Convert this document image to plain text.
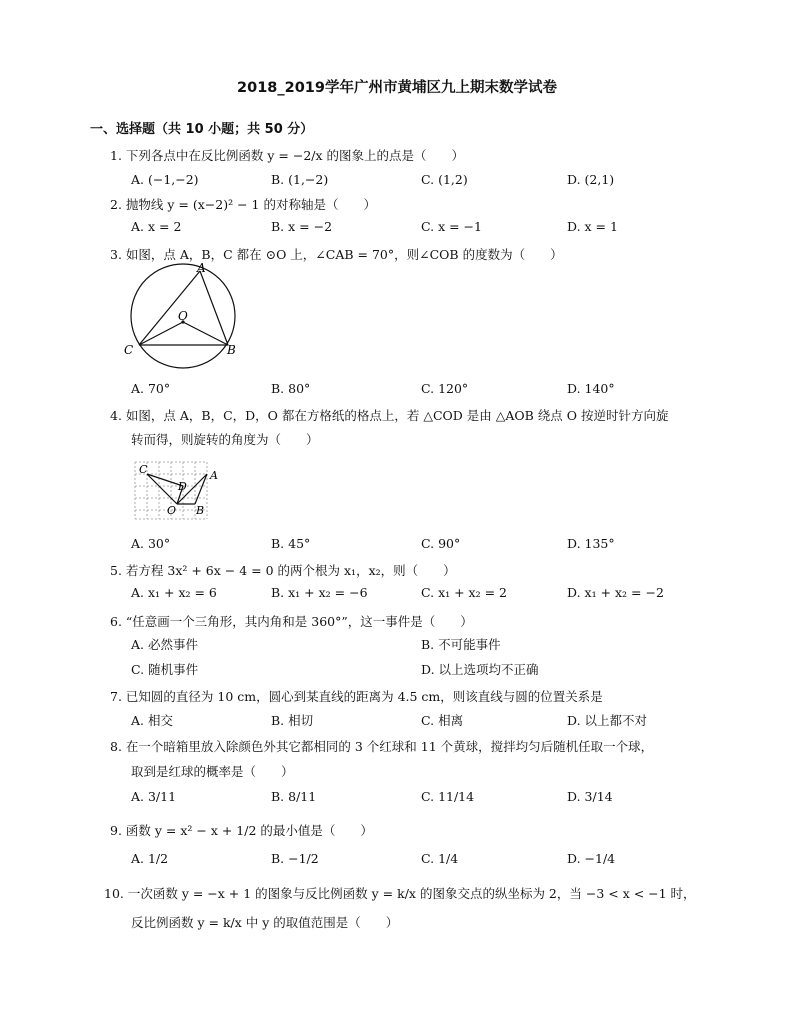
2018_2019学年广州市黄埔区九上期末数学试卷
一、选择题（共 10 小题；共 50 分）
1. 下列各点中在反比例函数 y = −2/x 的图象上的点是（　　）
A. (−1,−2)	B. (1,−2)	C. (1,2)	D. (2,1)
2. 抛物线 y = (x−2)² − 1 的对称轴是（　　）
A. x = 2	B. x = −2	C. x = −1	D. x = 1
3. 如图，点 A，B，C 都在 ⊙O 上，∠CAB = 70°，则∠COB 的度数为（　　）
A
O
C	B
A. 70°	B. 80°	C. 120°	D. 140°
4. 如图，点 A，B，C，D，O 都在方格纸的格点上，若 △COD 是由 △AOB 绕点 O 按逆时针方向旋
转而得，则旋转的角度为（　　）
C
D
A
O B
A. 30°	B. 45°	C. 90°	D. 135°
5. 若方程 3x² + 6x − 4 = 0 的两个根为 x₁，x₂，则（　　）
A. x₁ + x₂ = 6	B. x₁ + x₂ = −6	C. x₁ + x₂ = 2	D. x₁ + x₂ = −2
6. “任意画一个三角形，其内角和是 360°”，这一事件是（　　）
A. 必然事件	B. 不可能事件
C. 随机事件	D. 以上选项均不正确
7. 已知圆的直径为 10 cm，圆心到某直线的距离为 4.5 cm，则该直线与圆的位置关系是
A. 相交	B. 相切	C. 相离	D. 以上都不对
8. 在一个暗箱里放入除颜色外其它都相同的 3 个红球和 11 个黄球，搅拌均匀后随机任取一个球，
取到是红球的概率是（　　）
A. 3/11	B. 8/11	C. 11/14	D. 3/14
9. 函数 y = x² − x + 1/2 的最小值是（　　）
A. 1/2	B. −1/2	C. 1/4	D. −1/4
10. 一次函数 y = −x + 1 的图象与反比例函数 y = k/x 的图象交点的纵坐标为 2，当 −3 < x < −1 时，
反比例函数 y = k/x 中 y 的取值范围是（　　）
